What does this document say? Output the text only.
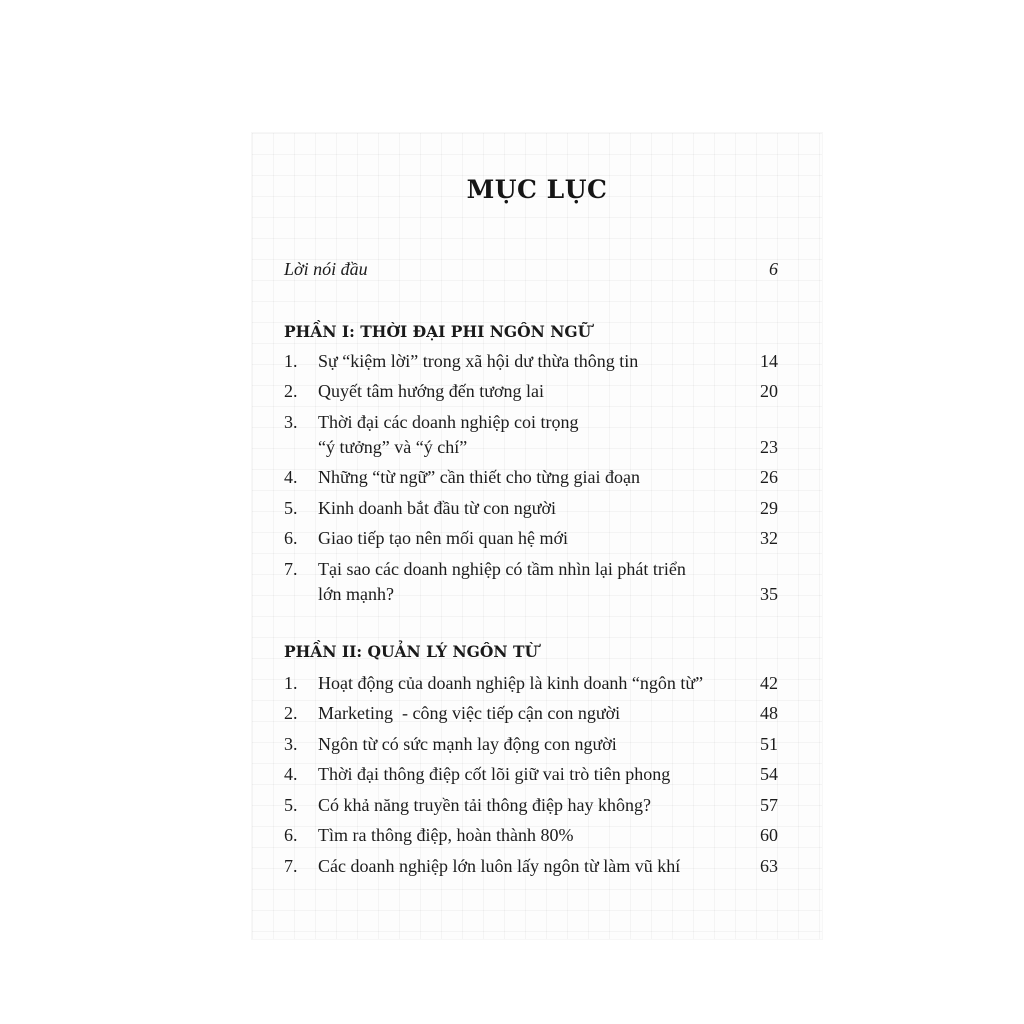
MỤC LỤC
Lời nói đầu	6
PHẦN I: THỜI ĐẠI PHI NGÔN NGỮ
1. Sự “kiệm lời” trong xã hội dư thừa thông tin	14
2. Quyết tâm hướng đến tương lai	20
3. Thời đại các doanh nghiệp coi trọng
“ý tưởng” và “ý chí”	23
4. Những “từ ngữ” cần thiết cho từng giai đoạn	26
5. Kinh doanh bắt đầu từ con người	29
6. Giao tiếp tạo nên mối quan hệ mới	32
7. Tại sao các doanh nghiệp có tầm nhìn lại phát triển
lớn mạnh?	35
PHẦN II: QUẢN LÝ NGÔN TỪ
1. Hoạt động của doanh nghiệp là kinh doanh “ngôn từ”	42
2. Marketing  - công việc tiếp cận con người	48
3. Ngôn từ có sức mạnh lay động con người	51
4. Thời đại thông điệp cốt lõi giữ vai trò tiên phong	54
5. Có khả năng truyền tải thông điệp hay không?	57
6. Tìm ra thông điệp, hoàn thành 80%	60
7. Các doanh nghiệp lớn luôn lấy ngôn từ làm vũ khí	63
